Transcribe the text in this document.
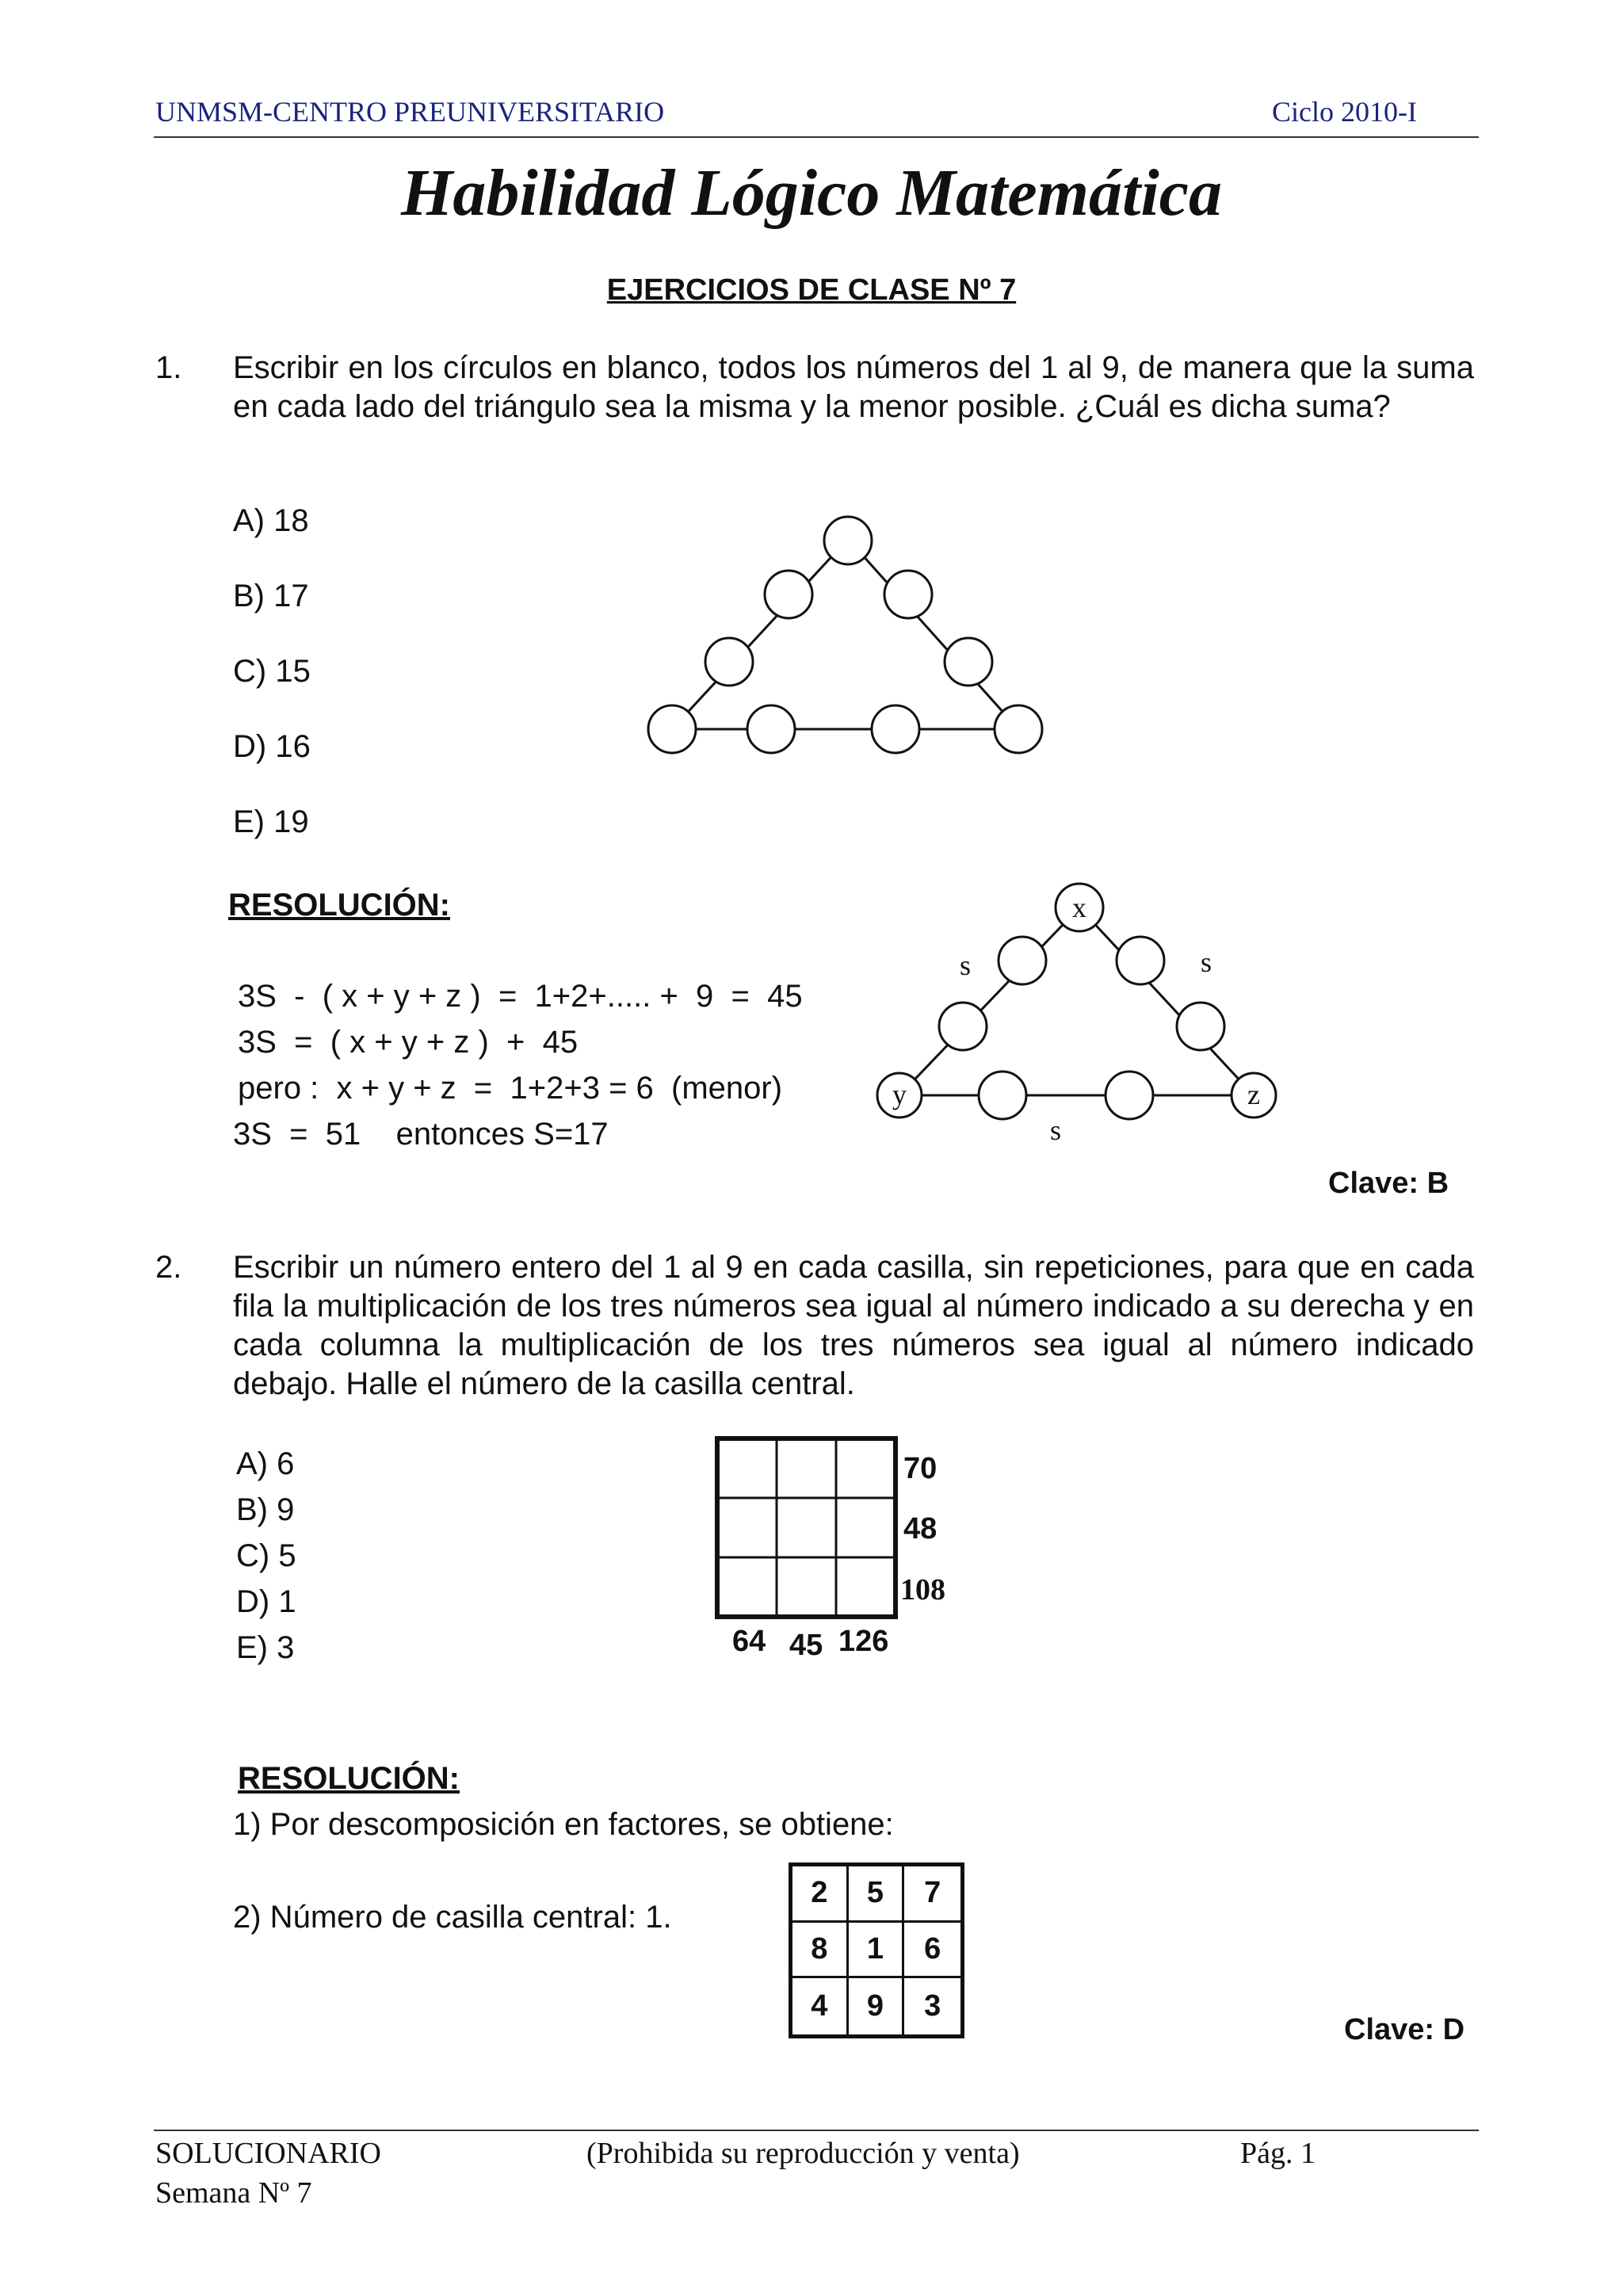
UNMSM-CENTRO PREUNIVERSITARIO	Ciclo 2010-I
Habilidad Lógico Matemática
EJERCICIOS DE CLASE Nº 7
1. Escribir en los círculos en blanco, todos los números del 1 al 9, de manera que la suma en cada lado del triángulo sea la misma y la menor posible. ¿Cuál es dicha suma?
A) 18
B) 17
C) 15
D) 16
E) 19
RESOLUCIÓN:
3S  -  ( x + y + z )  =  1+2+..... +  9  =  45
3S  =  ( x + y + z )  +  45
pero :  x + y + z  =  1+2+3 = 6  (menor)
3S  =  51    entonces S=17
x
y	z
s	s
s
Clave: B
2. Escribir un número entero del 1 al 9 en cada casilla, sin repeticiones, para que en cada fila la multiplicación de los tres números sea igual al número indicado a su derecha y en cada columna la multiplicación de los tres números sea igual al número indicado debajo. Halle el número de la casilla central.
A) 6
B) 9
C) 5
D) 1
E) 3
70
48
108
64 45 126
RESOLUCIÓN:
1) Por descomposición en factores, se obtiene:
2) Número de casilla central: 1.
2	5	7
8	1	6
4	9	3
Clave: D
SOLUCIONARIO
Semana Nº 7
(Prohibida su reproducción y venta)	Pág. 1
